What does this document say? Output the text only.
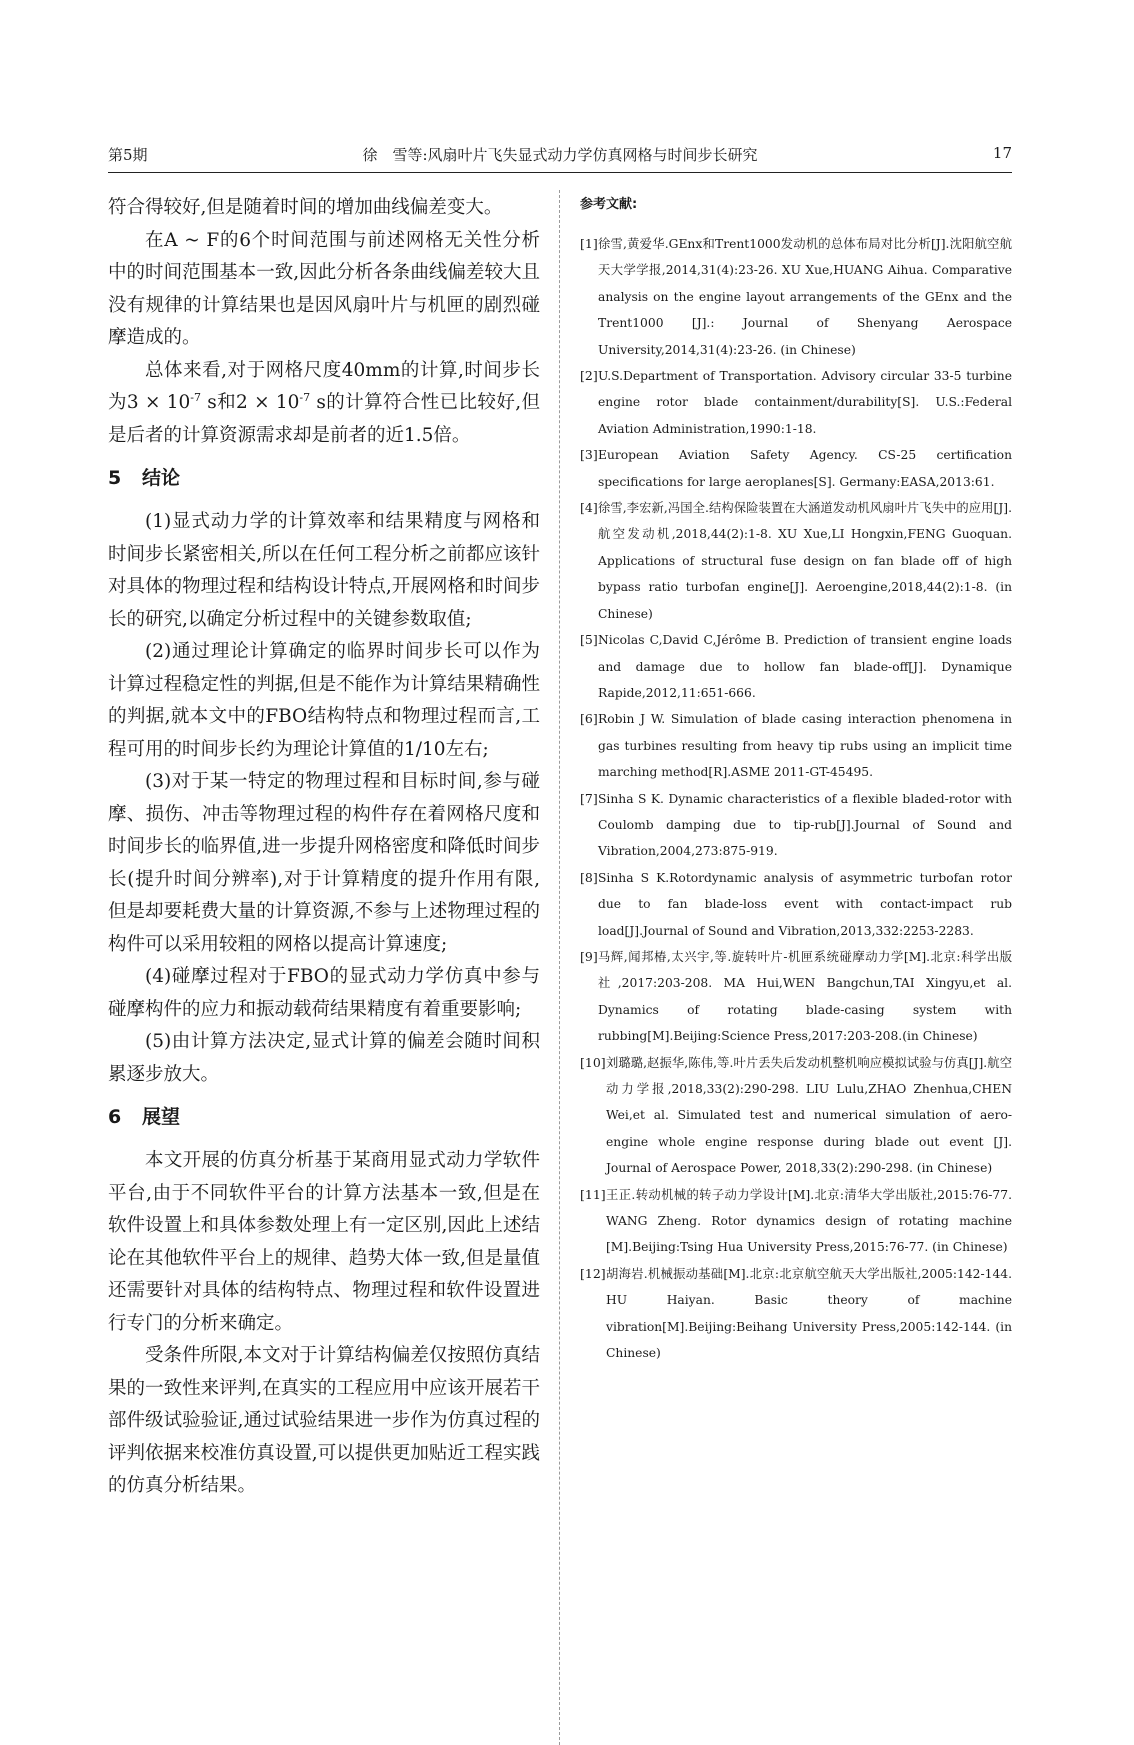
第5期	徐　雪等:风扇叶片飞失显式动力学仿真网格与时间步长研究	17

符合得较好,但是随着时间的增加曲线偏差变大。

在A ~ F的6个时间范围与前述网格无关性分析中的时间范围基本一致,因此分析各条曲线偏差较大且没有规律的计算结果也是因风扇叶片与机匣的剧烈碰摩造成的。

总体来看,对于网格尺度40mm的计算,时间步长为$3 \times 10^{-7}$ s和$2 \times 10^{-7}$ s的计算符合性已比较好,但是后者的计算资源需求却是前者的近1.5倍。

5 结论

(1)显式动力学的计算效率和结果精度与网格和时间步长紧密相关,所以在任何工程分析之前都应该针对具体的物理过程和结构设计特点,开展网格和时间步长的研究,以确定分析过程中的关键参数取值;

(2)通过理论计算确定的临界时间步长可以作为计算过程稳定性的判据,但是不能作为计算结果精确性的判据,就本文中的FBO结构特点和物理过程而言,工程可用的时间步长约为理论计算值的1/10左右;

(3)对于某一特定的物理过程和目标时间,参与碰摩、损伤、冲击等物理过程的构件存在着网格尺度和时间步长的临界值,进一步提升网格密度和降低时间步长(提升时间分辨率),对于计算精度的提升作用有限,但是却要耗费大量的计算资源,不参与上述物理过程的构件可以采用较粗的网格以提高计算速度;

(4)碰摩过程对于FBO的显式动力学仿真中参与碰摩构件的应力和振动载荷结果精度有着重要影响;

(5)由计算方法决定,显式计算的偏差会随时间积累逐步放大。

6 展望

本文开展的仿真分析基于某商用显式动力学软件平台,由于不同软件平台的计算方法基本一致,但是在软件设置上和具体参数处理上有一定区别,因此上述结论在其他软件平台上的规律、趋势大体一致,但是量值还需要针对具体的结构特点、物理过程和软件设置进行专门的分析来确定。

受条件所限,本文对于计算结构偏差仅按照仿真结果的一致性来评判,在真实的工程应用中应该开展若干部件级试验验证,通过试验结果进一步作为仿真过程的评判依据来校准仿真设置,可以提供更加贴近工程实践的仿真分析结果。

参考文献:
[1] 徐雪,黄爱华.GEnx和Trent1000发动机的总体布局对比分析[J].沈阳航空航天大学学报,2014,31(4):23-26. XU Xue,HUANG Aihua. Comparative analysis on the engine layout arrangements of the GEnx and the Trent1000 [J].: Journal of Shenyang Aerospace University,2014,31(4):23-26. (in Chinese)

[2] U.S.Department of Transportation. Advisory circular 33-5 turbine engine rotor blade containment/durability[S]. U.S.:Federal Aviation Administration,1990:1-18.

[3] European Aviation Safety Agency. CS-25 certification specifications for large aeroplanes[S]. Germany:EASA,2013:61.

[4] 徐雪,李宏新,冯国全.结构保险装置在大涵道发动机风扇叶片飞失中的应用[J].航空发动机,2018,44(2):1-8. XU Xue,LI Hongxin,FENG Guoquan. Applications of structural fuse design on fan blade off of high bypass ratio turbofan engine[J]. Aeroengine,2018,44(2):1-8. (in Chinese)

[5] Nicolas C,David C,Jérôme B. Prediction of transient engine loads and damage due to hollow fan blade-off[J]. Dynamique Rapide,2012,11:651-666.

[6] Robin J W. Simulation of blade casing interaction phenomena in gas turbines resulting from heavy tip rubs using an implicit time marching method[R].ASME 2011-GT-45495.

[7] Sinha S K. Dynamic characteristics of a flexible bladed-rotor with Coulomb damping due to tip-rub[J].Journal of Sound and Vibration,2004,273:875-919.

[8] Sinha S K.Rotordynamic analysis of asymmetric turbofan rotor due to fan blade-loss event with contact-impact rub load[J].Journal of Sound and Vibration,2013,332:2253-2283.

[9] 马辉,闻邦椿,太兴宇,等.旋转叶片-机匣系统碰摩动力学[M].北京:科学出版社,2017:203-208. MA Hui,WEN Bangchun,TAI Xingyu,et al. Dynamics of rotating blade-casing system with rubbing[M].Beijing:Science Press,2017:203-208.(in Chinese)

[10] 刘璐璐,赵振华,陈伟,等.叶片丢失后发动机整机响应模拟试验与仿真[J].航空动力学报,2018,33(2):290-298. LIU Lulu,ZHAO Zhenhua,CHEN Wei,et al. Simulated test and numerical simulation of aero-engine whole engine response during blade out event [J]. Journal of Aerospace Power, 2018,33(2):290-298. (in Chinese)

[11] 王正.转动机械的转子动力学设计[M].北京:清华大学出版社,2015:76-77. WANG Zheng. Rotor dynamics design of rotating machine [M].Beijing:Tsing Hua University Press,2015:76-77. (in Chinese)

[12] 胡海岩.机械振动基础[M].北京:北京航空航天大学出版社,2005:142-144. HU Haiyan. Basic theory of machine vibration[M].Beijing:Beihang University Press,2005:142-144. (in Chinese)
